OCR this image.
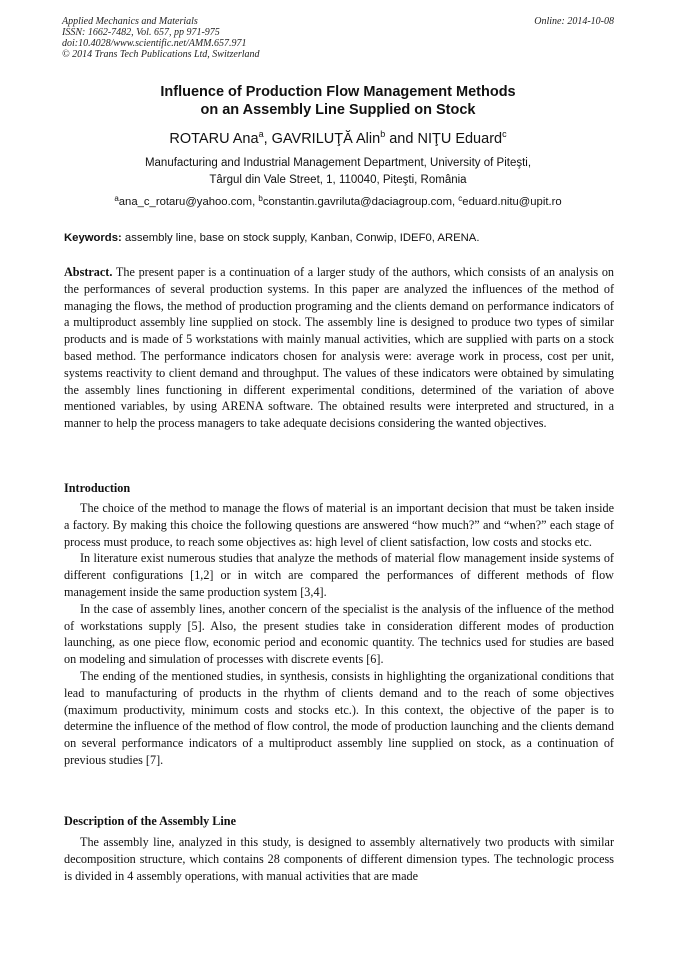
Applied Mechanics and Materials
ISSN: 1662-7482, Vol. 657, pp 971-975
doi:10.4028/www.scientific.net/AMM.657.971
© 2014 Trans Tech Publications Ltd, Switzerland
Online: 2014-10-08
Influence of Production Flow Management Methods
on an Assembly Line Supplied on Stock
ROTARU Ana$^a$, GAVRILUŢĂ Alin$^b$ and NIŢU Eduard$^c$
Manufacturing and Industrial Management Department, University of Piteşti,
Târgul din Vale Street, 1, 110040, Piteşti, România
$^a$ana_c_rotaru@yahoo.com, $^b$constantin.gavriluta@daciagroup.com, $^c$eduard.nitu@upit.ro
Keywords: assembly line, base on stock supply, Kanban, Conwip, IDEF0, ARENA.
Abstract. The present paper is a continuation of a larger study of the authors, which consists of an analysis on the performances of several production systems. In this paper are analyzed the influences of the method of managing the flows, the method of production programing and the clients demand on performance indicators of a multiproduct assembly line supplied on stock. The assembly line is designed to produce two types of similar products and is made of 5 workstations with mainly manual activities, which are supplied with parts on a stock based method. The performance indicators chosen for analysis were: average work in process, cost per unit, systems reactivity to client demand and throughput. The values of these indicators were obtained by simulating the assembly lines functioning in different experimental conditions, determined of the variation of above mentioned variables, by using ARENA software. The obtained results were interpreted and structured, in a manner to help the process managers to take adequate decisions considering the wanted objectives.
Introduction

The choice of the method to manage the flows of material is an important decision that must be taken inside a factory. By making this choice the following questions are answered “how much?” and “when?” each stage of process must produce, to reach some objectives as: high level of client satisfaction, low costs and stocks etc.

In literature exist numerous studies that analyze the methods of material flow management inside systems of different configurations [1,2] or in witch are compared the performances of different methods of flow management inside the same production system [3,4].

In the case of assembly lines, another concern of the specialist is the analysis of the influence of the method of workstations supply [5]. Also, the present studies take in consideration different modes of production launching, as one piece flow, economic period and economic quantity. The technics used for studies are based on modeling and simulation of processes with discrete events [6].

The ending of the mentioned studies, in synthesis, consists in highlighting the organizational conditions that lead to manufacturing of products in the rhythm of clients demand and to the reach of some objectives (maximum productivity, minimum costs and stocks etc.). In this context, the objective of the paper is to determine the influence of the method of flow control, the mode of production launching and the clients demand on several performance indicators of a multiproduct assembly line supplied on stock, as a continuation of previous studies [7].

Description of the Assembly Line

The assembly line, analyzed in this study, is designed to assembly alternatively two products with similar decomposition structure, which contains 28 components of different dimension types. The technologic process is divided in 4 assembly operations, with manual activities that are made
